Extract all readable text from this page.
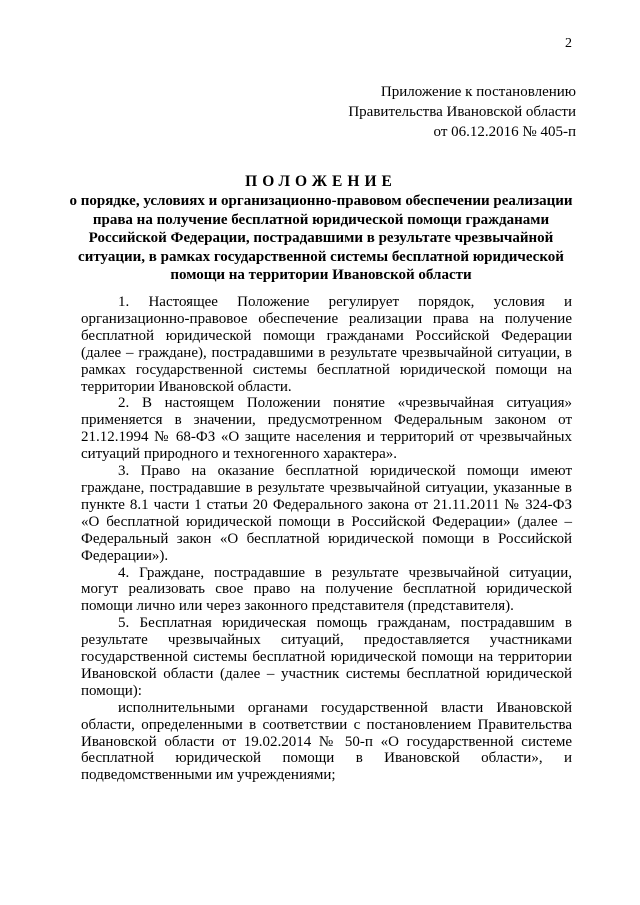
2
Приложение к постановлению
Правительства Ивановской области
от 06.12.2016 № 405-п
ПОЛОЖЕНИЕ
о порядке, условиях и организационно-правовом обеспечении реализации права на получение бесплатной юридической помощи гражданами Российской Федерации, пострадавшими в результате чрезвычайной ситуации, в рамках государственной системы бесплатной юридической помощи на территории Ивановской области

1. Настоящее Положение регулирует порядок, условия и организационно-правовое обеспечение реализации права на получение бесплатной юридической помощи гражданами Российской Федерации (далее – граждане), пострадавшими в результате чрезвычайной ситуации, в рамках государственной системы бесплатной юридической помощи на территории Ивановской области.

2. В настоящем Положении понятие «чрезвычайная ситуация» применяется в значении, предусмотренном Федеральным законом от 21.12.1994 № 68-ФЗ «О защите населения и территорий от чрезвычайных ситуаций природного и техногенного характера».

3. Право на оказание бесплатной юридической помощи имеют граждане, пострадавшие в результате чрезвычайной ситуации, указанные в пункте 8.1 части 1 статьи 20 Федерального закона от 21.11.2011 № 324-ФЗ «О бесплатной юридической помощи в Российской Федерации» (далее – Федеральный закон «О бесплатной юридической помощи в Российской Федерации»).

4. Граждане, пострадавшие в результате чрезвычайной ситуации, могут реализовать свое право на получение бесплатной юридической помощи лично или через законного представителя (представителя).

5. Бесплатная юридическая помощь гражданам, пострадавшим в результате чрезвычайных ситуаций, предоставляется участниками государственной системы бесплатной юридической помощи на территории Ивановской области (далее – участник системы бесплатной юридической помощи):

исполнительными органами государственной власти Ивановской области, определенными в соответствии с постановлением Правительства Ивановской области от 19.02.2014 № 50-п «О государственной системе бесплатной юридической помощи в Ивановской области», и подведомственными им учреждениями;
